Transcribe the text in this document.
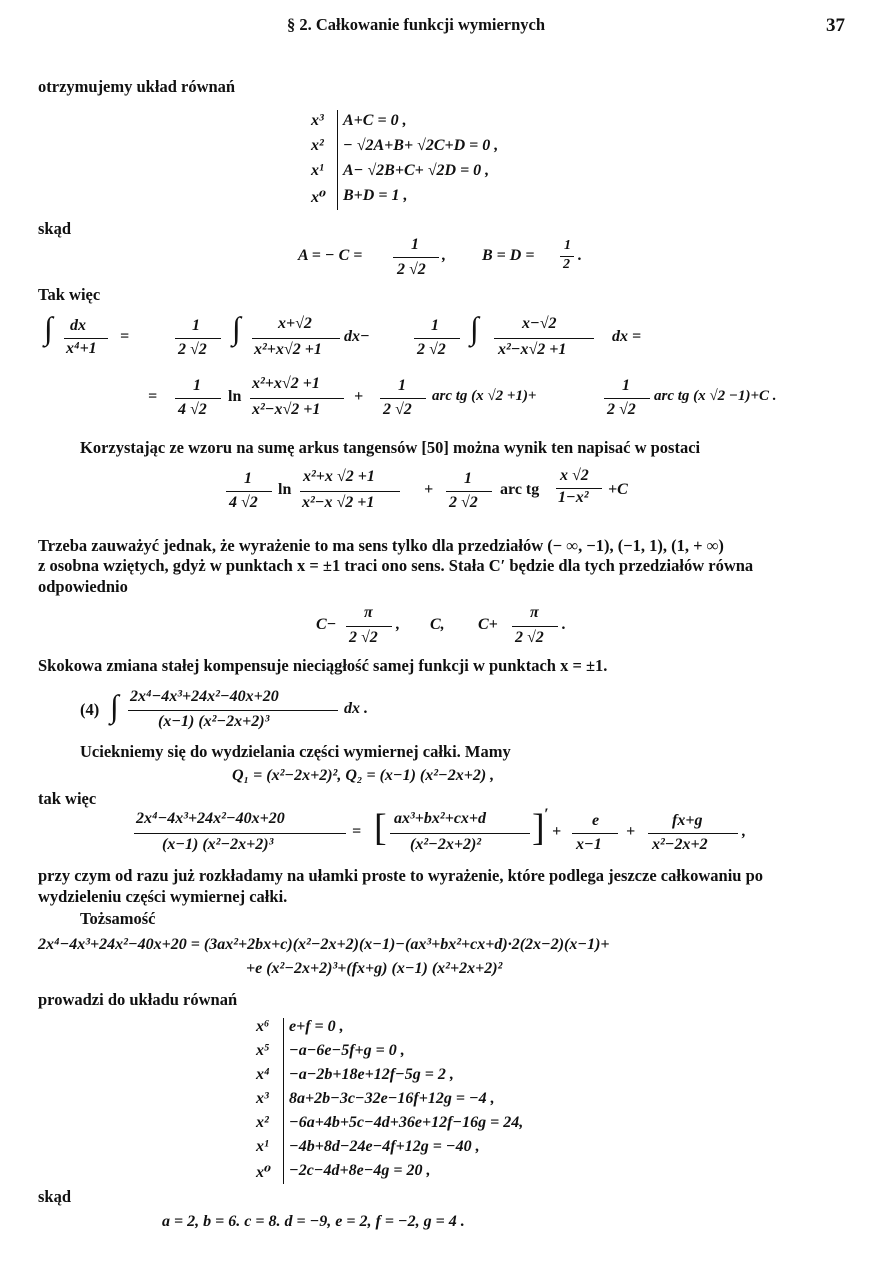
§ 2. Całkowanie funkcji wymiernych	37
otrzymujemy układ równań
x³ A+C = 0 ,
x² − √2A+B+ √2C+D = 0 ,
x¹ A− √2B+C+ √2D = 0 ,
x⁰ B+D = 1 ,
skąd
A = − C =
1
2 √2
, B = D =
1
2
.
Tak więc
∫ dx
x⁴+1
=
1
2 √2
∫ x+√2
x²+x√2 +1
dx−
1
2 √2
∫	x−√2
x²−x√2 +1
dx =
=
1
4 √2
ln
x²+x√2 +1
x²−x√2 +1
+
1
2 √2
arc tg (x √2 +1)+
1
2 √2
arc tg (x √2 −1)+C .
Korzystając ze wzoru na sumę arkus tangensów [50] można wynik ten napisać w postaci
1
4 √2
ln
x²+x √2 +1
x²−x √2 +1
+
1
2 √2
arc tg
x √2
1−x² +C
Trzeba zauważyć jednak, że wyrażenie to ma sens tylko dla przedziałów (− ∞, −1), (−1, 1), (1, + ∞)
z osobna wziętych, gdyż w punktach x = ±1 traci ono sens. Stała C′ będzie dla tych przedziałów równa
odpowiednio
C−
π
2 √2
, C, C+
π
2 √2
.
Skokowa zmiana stałej kompensuje nieciągłość samej funkcji w punktach x = ±1.
(4) ∫ 2x⁴−4x³+24x²−40x+20
(x−1) (x²−2x+2)³
dx .
Uciekniemy się do wydzielania części wymiernej całki. Mamy
Q₁ = (x²−2x+2)², Q₂ = (x−1) (x²−2x+2) ,
tak więc
2x⁴−4x³+24x²−40x+20
(x−1) (x²−2x+2)³
= [ ax³+bx²+cx+d
(x²−2x+2)² ] ′
+
e
x−1
+
fx+g
x²−2x+2
,
przy czym od razu już rozkładamy na ułamki proste to wyrażenie, które podlega jeszcze całkowaniu po
wydzieleniu części wymiernej całki.
Tożsamość
2x⁴−4x³+24x²−40x+20 = (3ax²+2bx+c)(x²−2x+2)(x−1)−(ax³+bx²+cx+d)·2(2x−2)(x−1)+
+e (x²−2x+2)³+(fx+g) (x−1) (x²+2x+2)²
prowadzi do układu równań
x⁶ e+f = 0 ,
x⁵ −a−6e−5f+g = 0 ,
x⁴ −a−2b+18e+12f−5g = 2 ,
x³ 8a+2b−3c−32e−16f+12g = −4 ,
x² −6a+4b+5c−4d+36e+12f−16g = 24,
x¹ −4b+8d−24e−4f+12g = −40 ,
x⁰ −2c−4d+8e−4g = 20 ,
skąd
a = 2, b = 6. c = 8. d = −9, e = 2, f = −2, g = 4 .
